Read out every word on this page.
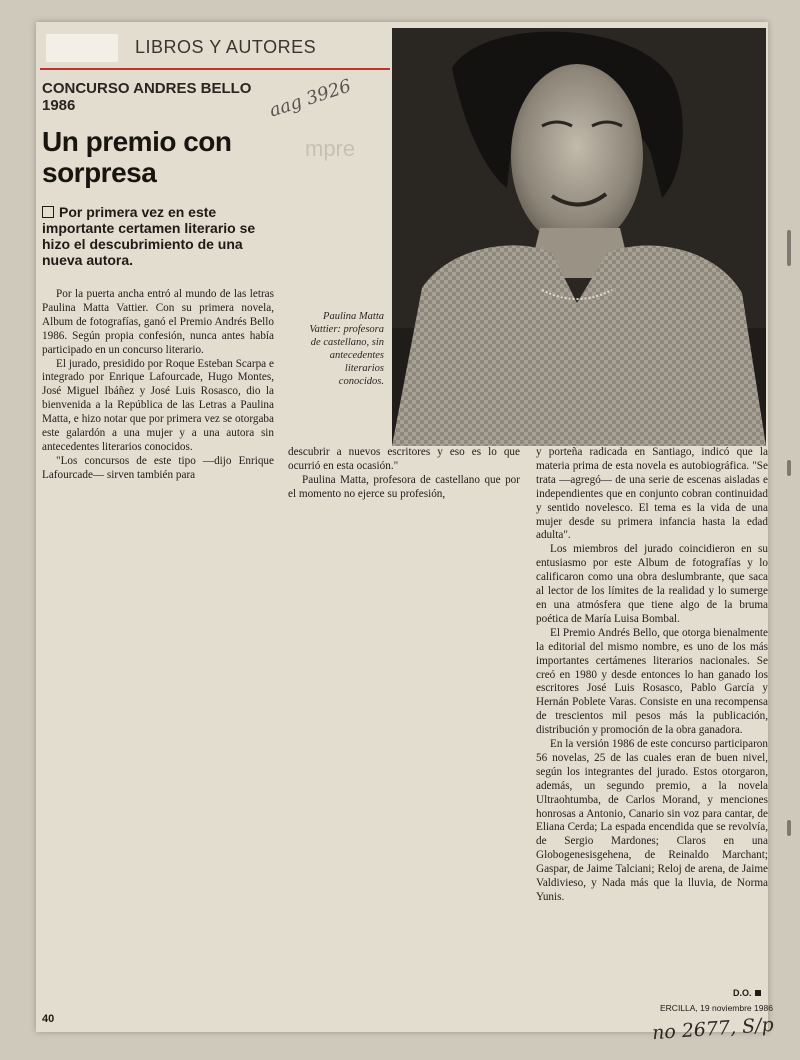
LIBROS Y AUTORES
mpre
CONCURSO ANDRES BELLO 1986
Un premio con sorpresa
aag 3926
Por primera vez en este importante certamen literario se hizo el descubrimiento de una nueva autora.
Paulina Matta Vattier: profesora de castellano, sin antecedentes literarios conocidos.

Por la puerta ancha entró al mundo de las letras Paulina Matta Vattier. Con su primera novela, Album de fotografías, ganó el Premio Andrés Bello 1986. Según propia confesión, nunca antes había participado en un concurso literario.

El jurado, presidido por Roque Esteban Scarpa e integrado por Enrique Lafourcade, Hugo Montes, José Miguel Ibáñez y José Luis Rosasco, dio la bienvenida a la República de las Letras a Paulina Matta, e hizo notar que por primera vez se otorgaba este galardón a una mujer y a una autora sin antecedentes literarios conocidos.

"Los concursos de este tipo —dijo Enrique Lafourcade— sirven también para

descubrir a nuevos escritores y eso es lo que ocurrió en esta ocasión."

Paulina Matta, profesora de castellano que por el momento no ejerce su profesión,

y porteña radicada en Santiago, indicó que la materia prima de esta novela es autobiográfica. "Se trata —agregó— de una serie de escenas aisladas e independientes que en conjunto cobran continuidad y sentido novelesco. El tema es la vida de una mujer desde su primera infancia hasta la edad adulta".

Los miembros del jurado coincidieron en su entusiasmo por este Album de fotografías y lo calificaron como una obra deslumbrante, que saca al lector de los límites de la realidad y lo sumerge en una atmósfera que tiene algo de la bruma poética de María Luisa Bombal.

El Premio Andrés Bello, que otorga bienalmente la editorial del mismo nombre, es uno de los más importantes certámenes literarios nacionales. Se creó en 1980 y desde entonces lo han ganado los escritores José Luis Rosasco, Pablo García y Hernán Poblete Varas. Consiste en una recompensa de trescientos mil pesos más la publicación, distribución y promoción de la obra ganadora.

En la versión 1986 de este concurso participaron 56 novelas, 25 de las cuales eran de buen nivel, según los integrantes del jurado. Estos otorgaron, además, un segundo premio, a la novela Ultraohtumba, de Carlos Morand, y menciones honrosas a Antonio, Canario sin voz para cantar, de Eliana Cerda; La espada encendida que se revolvía, de Sergio Mardones; Claros en una Globogenesisgehena, de Reinaldo Marchant; Gaspar, de Jaime Talciani; Reloj de arena, de Jaime Valdivieso, y Nada más que la lluvia, de Norma Yunis.

D.O.
40
ERCILLA, 19 noviembre 1986
no 2677, S/p
